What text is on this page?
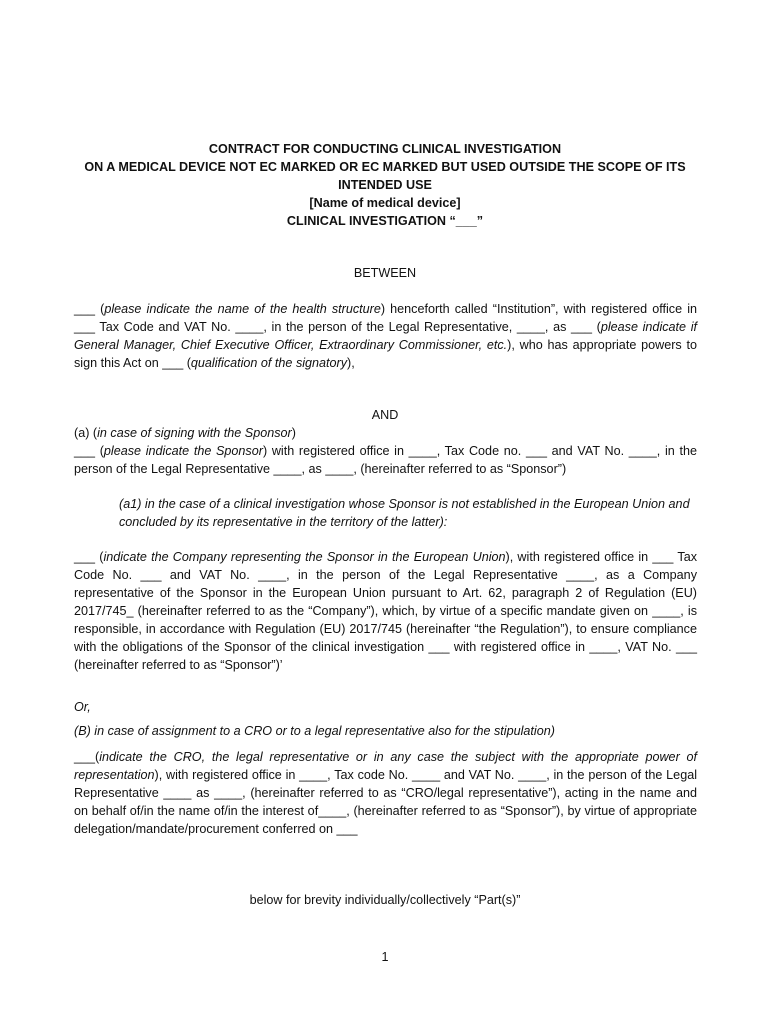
CONTRACT FOR CONDUCTING CLINICAL INVESTIGATION
ON A MEDICAL DEVICE NOT EC MARKED OR EC MARKED BUT USED OUTSIDE THE SCOPE OF ITS
INTENDED USE
[Name of medical device]
CLINICAL INVESTIGATION “___”
BETWEEN

___ (please indicate the name of the health structure) henceforth called “Institution”, with registered office in ___ Tax Code and VAT No. ____, in the person of the Legal Representative, ____, as ___ (please indicate if General Manager, Chief Executive Officer, Extraordinary Commissioner, etc.), who has appropriate powers to sign this Act on ___ (qualification of the signatory),

AND

(a) (in case of signing with the Sponsor)

___ (please indicate the Sponsor) with registered office in ____, Tax Code no. ___ and VAT No. ____, in the person of the Legal Representative ____, as ____, (hereinafter referred to as “Sponsor”)

(a1) in the case of a clinical investigation whose Sponsor is not established in the European Union and concluded by its representative in the territory of the latter):

___ (indicate the Company representing the Sponsor in the European Union), with registered office in ___ Tax Code No. ___ and VAT No. ____, in the person of the Legal Representative ____, as a Company representative of the Sponsor in the European Union pursuant to Art. 62, paragraph 2 of Regulation (EU) 2017/745_ (hereinafter referred to as the “Company”), which, by virtue of a specific mandate given on ____, is responsible, in accordance with Regulation (EU) 2017/745 (hereinafter “the Regulation”), to ensure compliance with the obligations of the Sponsor of the clinical investigation ___ with registered office in ____, VAT No. ___ (hereinafter referred to as “Sponsor”)’

Or,

(B) in case of assignment to a CRO or to a legal representative also for the stipulation)

___(indicate the CRO, the legal representative or in any case the subject with the appropriate power of representation), with registered office in ____, Tax code No. ____ and VAT No. ____, in the person of the Legal Representative ____ as ____, (hereinafter referred to as “CRO/legal representative”), acting in the name and on behalf of/in the name of/in the interest of____, (hereinafter referred to as “Sponsor”), by virtue of appropriate delegation/mandate/procurement conferred on ___

below for brevity individually/collectively “Part(s)”
1
